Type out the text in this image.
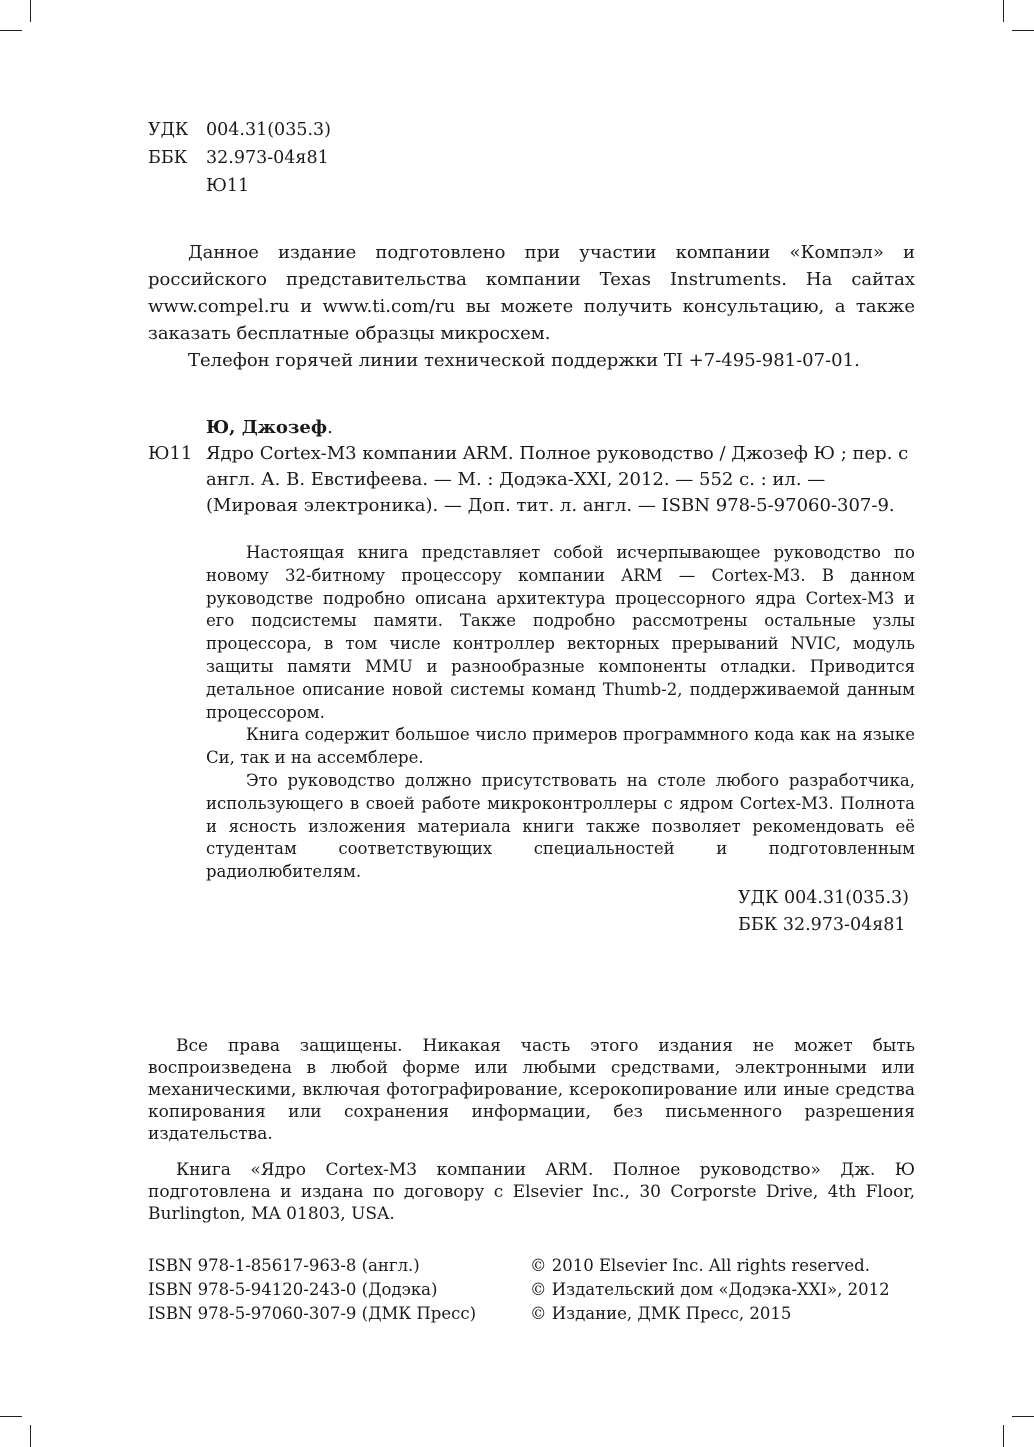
УДК	004.31(035.3)
ББК	32.973-04я81
Ю11

Данное издание подготовлено при участии компании «Компэл» и российского представительства компании Texas Instruments. На сайтах www.compel.ru и www.ti.com/ru вы можете получить консультацию, а также заказать бесплатные образцы микросхем.

Телефон горячей линии технической поддержки TI +7-495-981-07-01.

Ю, Джозеф.
Ю11 Ядро Cortex-M3 компании ARM. Полное руководство / Джозеф Ю ; пер. с англ. А. В. Евстифеева. — М. : Додэка-XXI, 2012. — 552 с. : ил. — (Мировая электроника). — Доп. тит. л. англ. — ISBN 978-5-97060-307-9.

Настоящая книга представляет собой исчерпывающее руководство по новому 32-битному процессору компании ARM — Cortex-M3. В данном руководстве подробно описана архитектура процессорного ядра Cortex-M3 и его подсистемы памяти. Также подробно рассмотрены остальные узлы процессора, в том числе контроллер векторных прерываний NVIC, модуль защиты памяти MMU и разнообразные компоненты отладки. Приводится детальное описание новой системы команд Thumb-2, поддерживаемой данным процессором.

Книга содержит большое число примеров программного кода как на языке Си, так и на ассемблере.

Это руководство должно присутствовать на столе любого разработчика, использующего в своей работе микроконтроллеры с ядром Cortex-M3. Полнота и ясность изложения материала книги также позволяет рекомендовать её студентам соответствующих специальностей и подготовленным радиолюбителям.

УДК 004.31(035.3)
ББК 32.973-04я81

Все права защищены. Никакая часть этого издания не может быть воспроизведена в любой форме или любыми средствами, электронными или механическими, включая фотографирование, ксерокопирование или иные средства копирования или сохранения информации, без письменного разрешения издательства.

Книга «Ядро Cortex-M3 компании ARM. Полное руководство» Дж. Ю подготовлена и издана по договору с Elsevier Inc., 30 Corporste Drive, 4th Floor, Burlington, MA 01803, USA.

ISBN 978-1-85617-963-8 (англ.)
ISBN 978-5-94120-243-0 (Додэка)
ISBN 978-5-97060-307-9 (ДМК Пресс)
© 2010 Elsevier Inc. All rights reserved.
© Издательский дом «Додэка-XXI», 2012
© Издание, ДМК Пресс, 2015
